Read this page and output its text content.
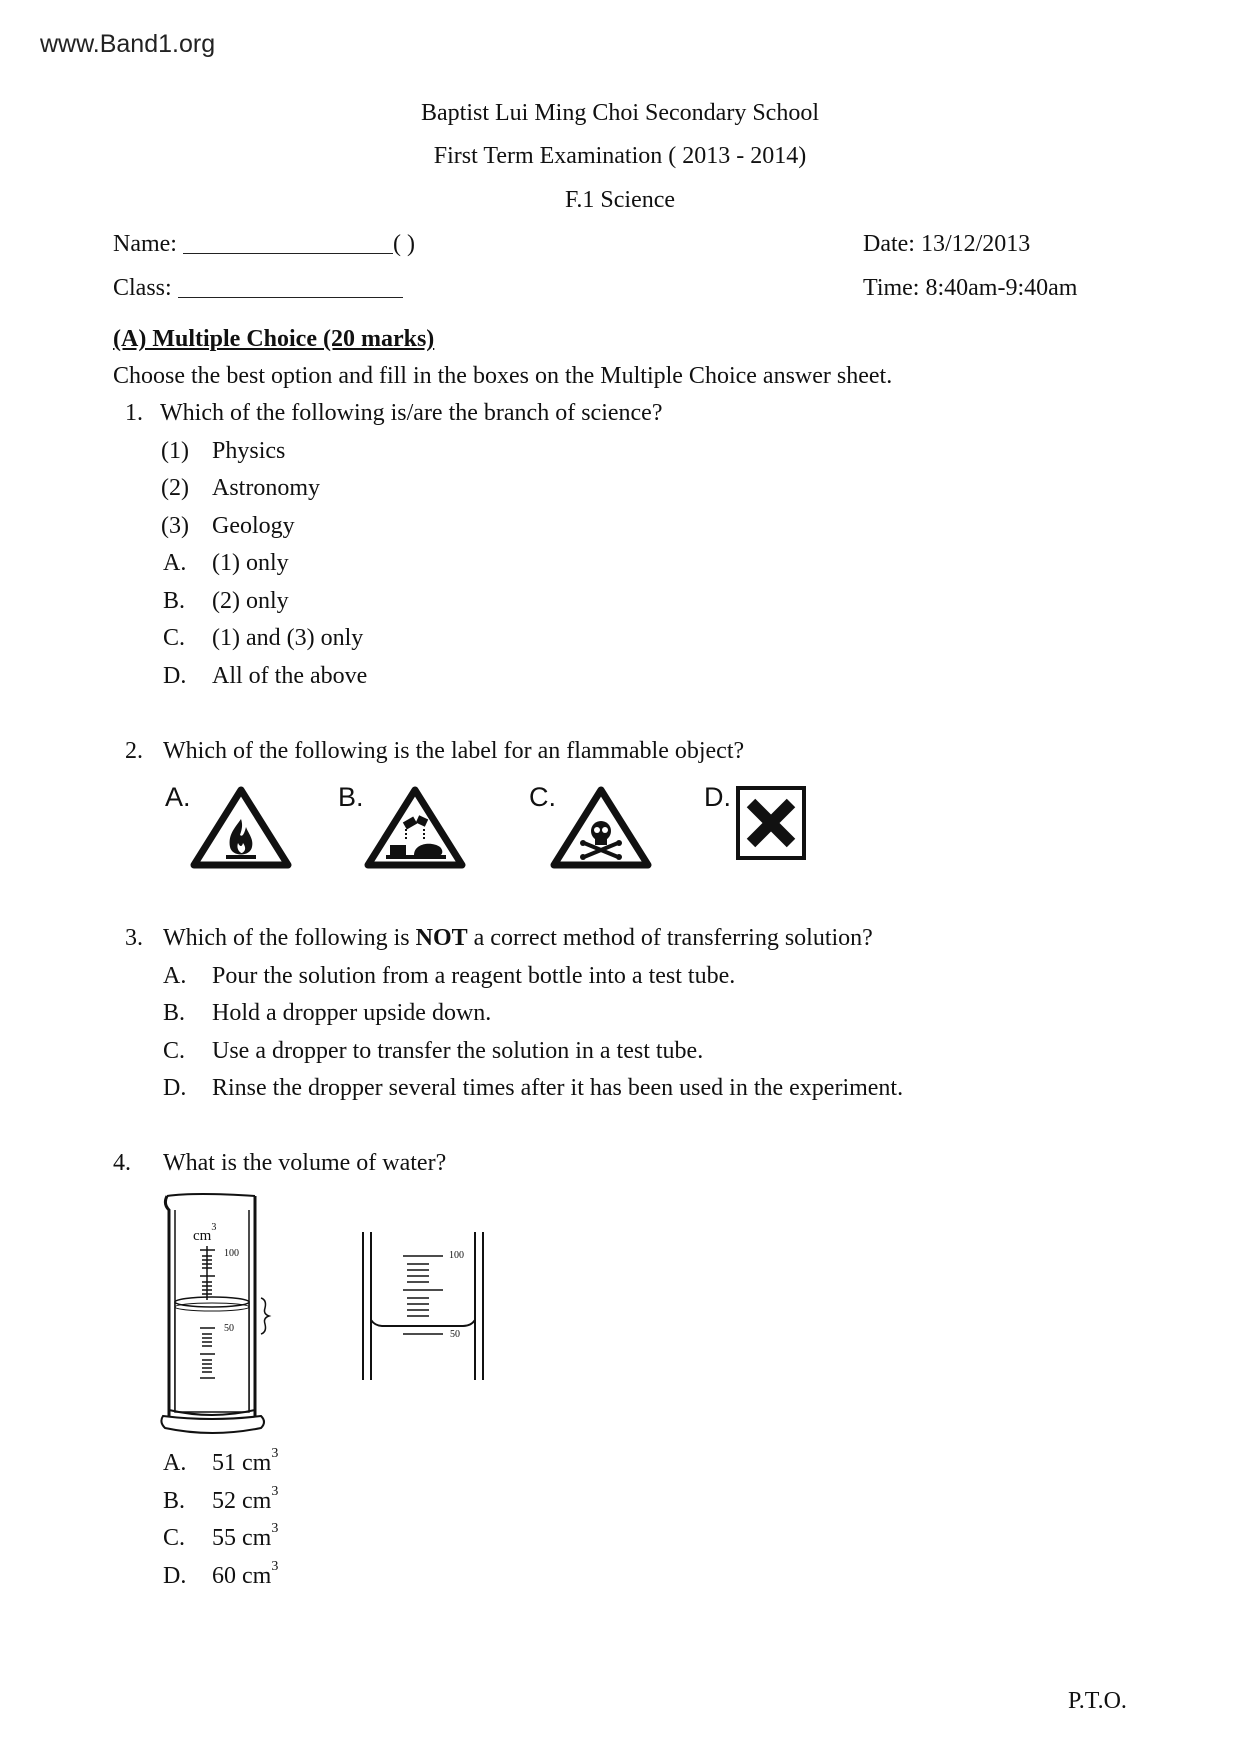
www.Band1.org
Baptist Lui Ming Choi Secondary School
First Term Examination ( 2013 - 2014)
F.1 Science
Name:	( )	Date: 13/12/2013
Class:	Time: 8:40am-9:40am
(A) Multiple Choice (20 marks)
Choose the best option and fill in the boxes on the Multiple Choice answer sheet.
1. Which of the following is/are the branch of science?
(1) Physics
(2) Astronomy
(3) Geology
A. (1) only
B. (2) only
C. (1) and (3) only
D. All of the above
2. Which of the following is the label for an flammable object?
A.	B.	C.	D.
3. Which of the following is NOT a correct method of transferring solution?
A. Pour the solution from a reagent bottle into a test tube.
B. Hold a dropper upside down.
C. Use a dropper to transfer the solution in a test tube.
D. Rinse the dropper several times after it has been used in the experiment.
4. What is the volume of water?
$cm^3$
100
50
100
50
A. 51 $cm^3$
B. 52 $cm^3$
C. 55 $cm^3$
D. 60 $cm^3$
P.T.O.
